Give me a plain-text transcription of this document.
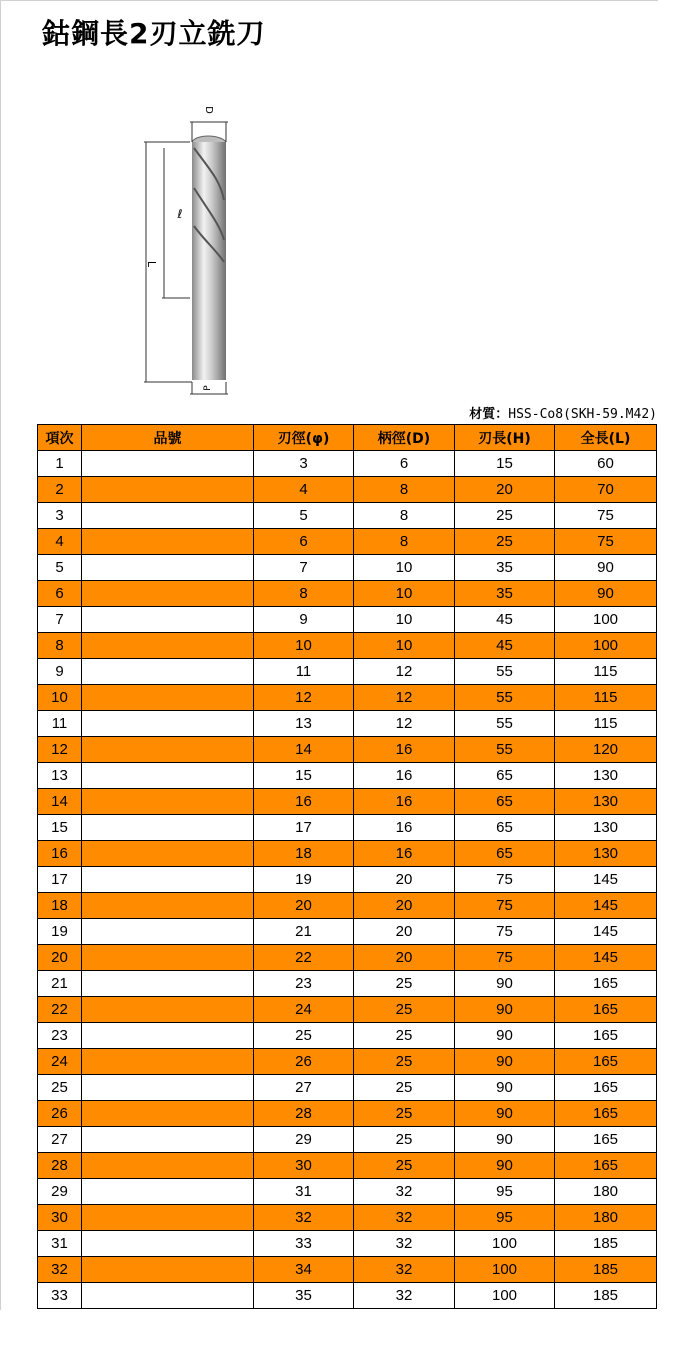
鈷鋼長2刃立銑刀
D
ℓ
L
P
材質：HSS-Co8(SKH-59.M42)
項次	品號	刃徑(φ)	柄徑(D)	刃長(H)	全長(L)
1		3	6	15	60
2		4	8	20	70
3		5	8	25	75
4		6	8	25	75
5		7	10	35	90
6		8	10	35	90
7		9	10	45	100
8		10	10	45	100
9		11	12	55	115
10		12	12	55	115
11		13	12	55	115
12		14	16	55	120
13		15	16	65	130
14		16	16	65	130
15		17	16	65	130
16		18	16	65	130
17		19	20	75	145
18		20	20	75	145
19		21	20	75	145
20		22	20	75	145
21		23	25	90	165
22		24	25	90	165
23		25	25	90	165
24		26	25	90	165
25		27	25	90	165
26		28	25	90	165
27		29	25	90	165
28		30	25	90	165
29		31	32	95	180
30		32	32	95	180
31		33	32	100	185
32		34	32	100	185
33		35	32	100	185
